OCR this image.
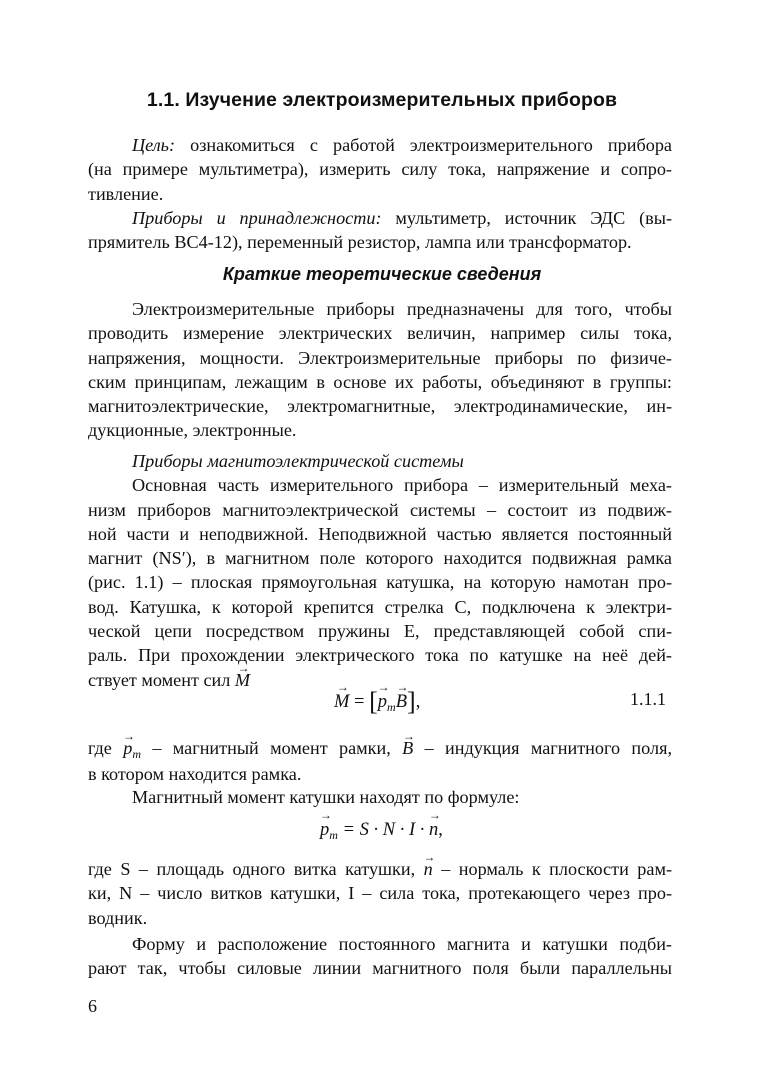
1.1. Изучение электроизмерительных приборов
Цель: ознакомиться с работой электроизмерительного прибора
(на примере мультиметра), измерить силу тока, напряжение и сопро-
тивление.
Приборы и принадлежности: мультиметр, источник ЭДС (вы-
прямитель ВС4-12), переменный резистор, лампа или трансформатор.
Краткие теоретические сведения
Электроизмерительные приборы предназначены для того, чтобы
проводить измерение электрических величин, например силы тока,
напряжения, мощности. Электроизмерительные приборы по физиче-
ским принципам, лежащим в основе их работы, объединяют в группы:
магнитоэлектрические, электромагнитные, электродинамические, ин-
дукционные, электронные.
Приборы магнитоэлектрической системы
Основная часть измерительного прибора – измерительный меха-
низм приборов магнитоэлектрической системы – состоит из подвиж-
ной части и неподвижной. Неподвижной частью является постоянный
магнит (NS′), в магнитном поле которого находится подвижная рамка
(рис. 1.1) – плоская прямоугольная катушка, на которую намотан про-
вод. Катушка, к которой крепится стрелка C, подключена к электри-
ческой цепи посредством пружины E, представляющей собой спи-
раль. При прохождении электрического тока по катушке на неё дей-
ствует момент сил → M
→ M = [→ $p_m\to B$],	1.1.1
где → $p_m$ – магнитный момент рамки, → B – индукция магнитного поля,
в котором находится рамка.
Магнитный момент катушки находят по формуле:
→ $p_m = S \cdot N \cdot I$ · → n,
где S – площадь одного витка катушки, → n – нормаль к плоскости рам-
ки, N – число витков катушки, I – сила тока, протекающего через про-
водник.
Форму и расположение постоянного магнита и катушки подби-
рают так, чтобы силовые линии магнитного поля были параллельны
6
